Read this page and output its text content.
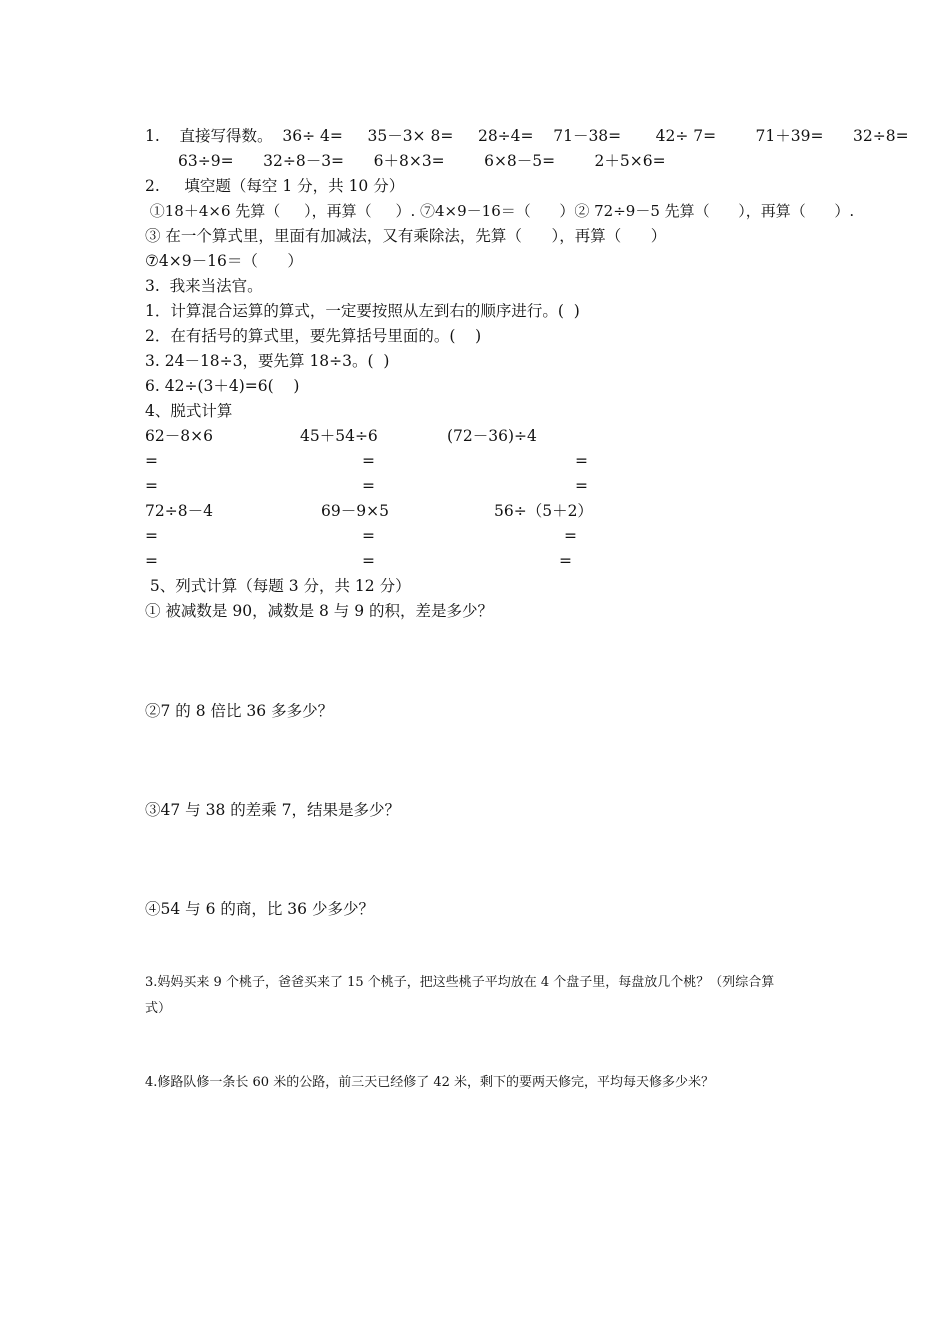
1.    直接写得数。  36÷ 4=     35－3× 8=     28÷4=    71－38=       42÷ 7=        71＋39=      32÷8=
63÷9=      32÷8－3=      6＋8×3=        6×8－5=        2＋5×6=
2.     填空题（每空 1 分，共 10 分）
①18＋4×6 先算（     ），再算（     ）. ⑦4×9－16＝（      ）② 72÷9－5 先算（      ），再算（      ）.
③ 在一个算式里，里面有加减法，又有乘除法，先算（      ），再算（      ）
⑦4×9－16＝（      ）
3.  我来当法官。
1．计算混合运算的算式，一定要按照从左到右的顺序进行。(  )
2．在有括号的算式里，要先算括号里面的。(    )
3. 24－18÷3，要先算 18÷3。(  )
6. 42÷(3＋4)=6(    )
4、脱式计算
62－8×6	45＋54÷6	(72－36)÷4
=	=	=
=	=	=
72÷8－4	69－9×5	56÷（5＋2）
=	=	=
=	=	=
5、列式计算（每题 3 分，共 12 分）
① 被减数是 90，减数是 8 与 9 的积，差是多少？
②7 的 8 倍比 36 多多少？
③47 与 38 的差乘 7，结果是多少？
④54 与 6 的商，比 36 少多少？
3.妈妈买来 9 个桃子，爸爸买来了 15 个桃子，把这些桃子平均放在 4 个盘子里，每盘放几个桃？（列综合算
式）
4.修路队修一条长 60 米的公路，前三天已经修了 42 米，剩下的要两天修完，平均每天修多少米？
